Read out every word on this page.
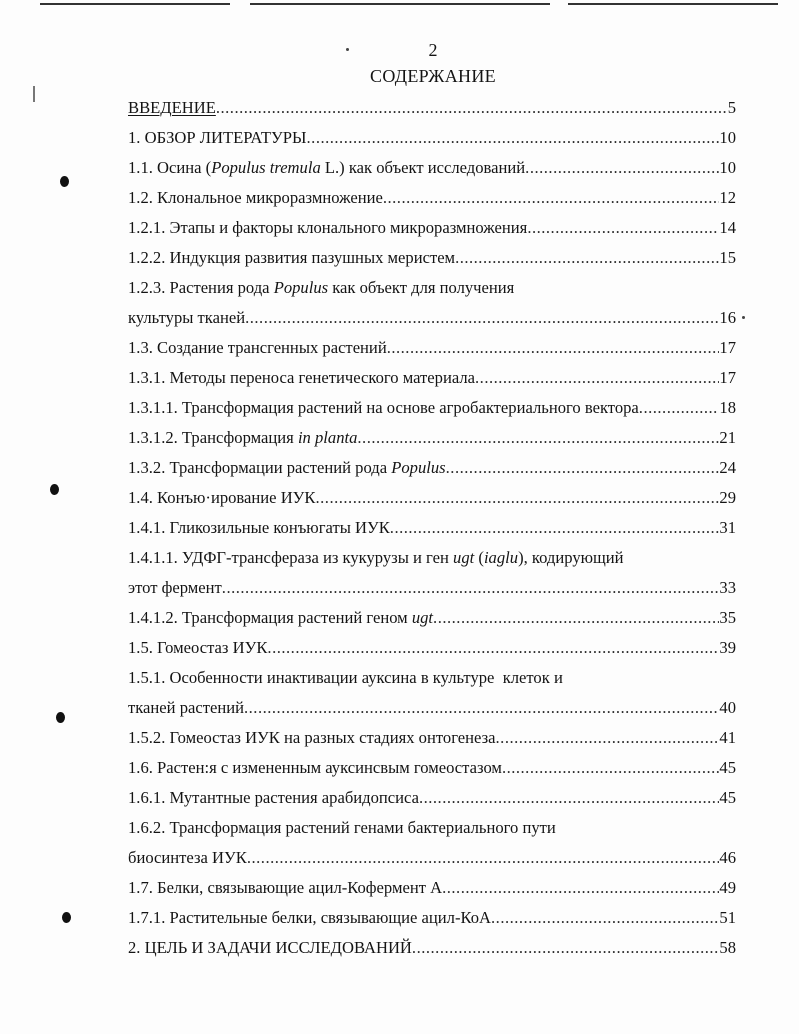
2
СОДЕРЖАНИЕ
ВВЕДЕНИЕ .....	5
1. ОБЗОР ЛИТЕРАТУРЫ .....	10
1.1. Осина (Populus tremula L.) как объект исследований .....	10
1.2. Клональное микроразмножение .....	12
1.2.1. Этапы и факторы клонального микроразмножения .....	14
1.2.2. Индукция развития пазушных меристем .....	15
1.2.3. Растения рода Populus как объект для получения
культуры тканей .....	16
1.3. Создание трансгенных растений .....	17
1.3.1. Методы переноса генетического материала .....	17
1.3.1.1. Трансформация растений на основе агробактериального вектора .....	18
1.3.1.2. Трансформация in planta .....	21
1.3.2. Трансформации растений рода Populus .....	24
1.4. Конъю·ирование ИУК .....	29
1.4.1. Гликозильные конъюгаты ИУК .....	31
1.4.1.1. УДФГ-трансфераза из кукурузы и ген ugt (iaglu), кодирующий
этот фермент .....	33
1.4.1.2. Трансформация растений геном ugt .....	35
1.5. Гомеостаз ИУК .....	39
1.5.1. Особенности инактивации ауксина в культуре  клеток и
тканей растений .....	40
1.5.2. Гомеостаз ИУК на разных стадиях онтогенеза .....	41
1.6. Растен:я с измененным ауксинсвым гомеостазом .....	45
1.6.1. Мутантные растения арабидопсиса .....	45
1.6.2. Трансформация растений генами бактериального пути
биосинтеза ИУК .....	46
1.7. Белки, связывающие ацил-Кофермент А .....	49
1.7.1. Растительные белки, связывающие ацил-КоА .....	51
2. ЦЕЛЬ И ЗАДАЧИ ИССЛЕДОВАНИЙ .....	58
